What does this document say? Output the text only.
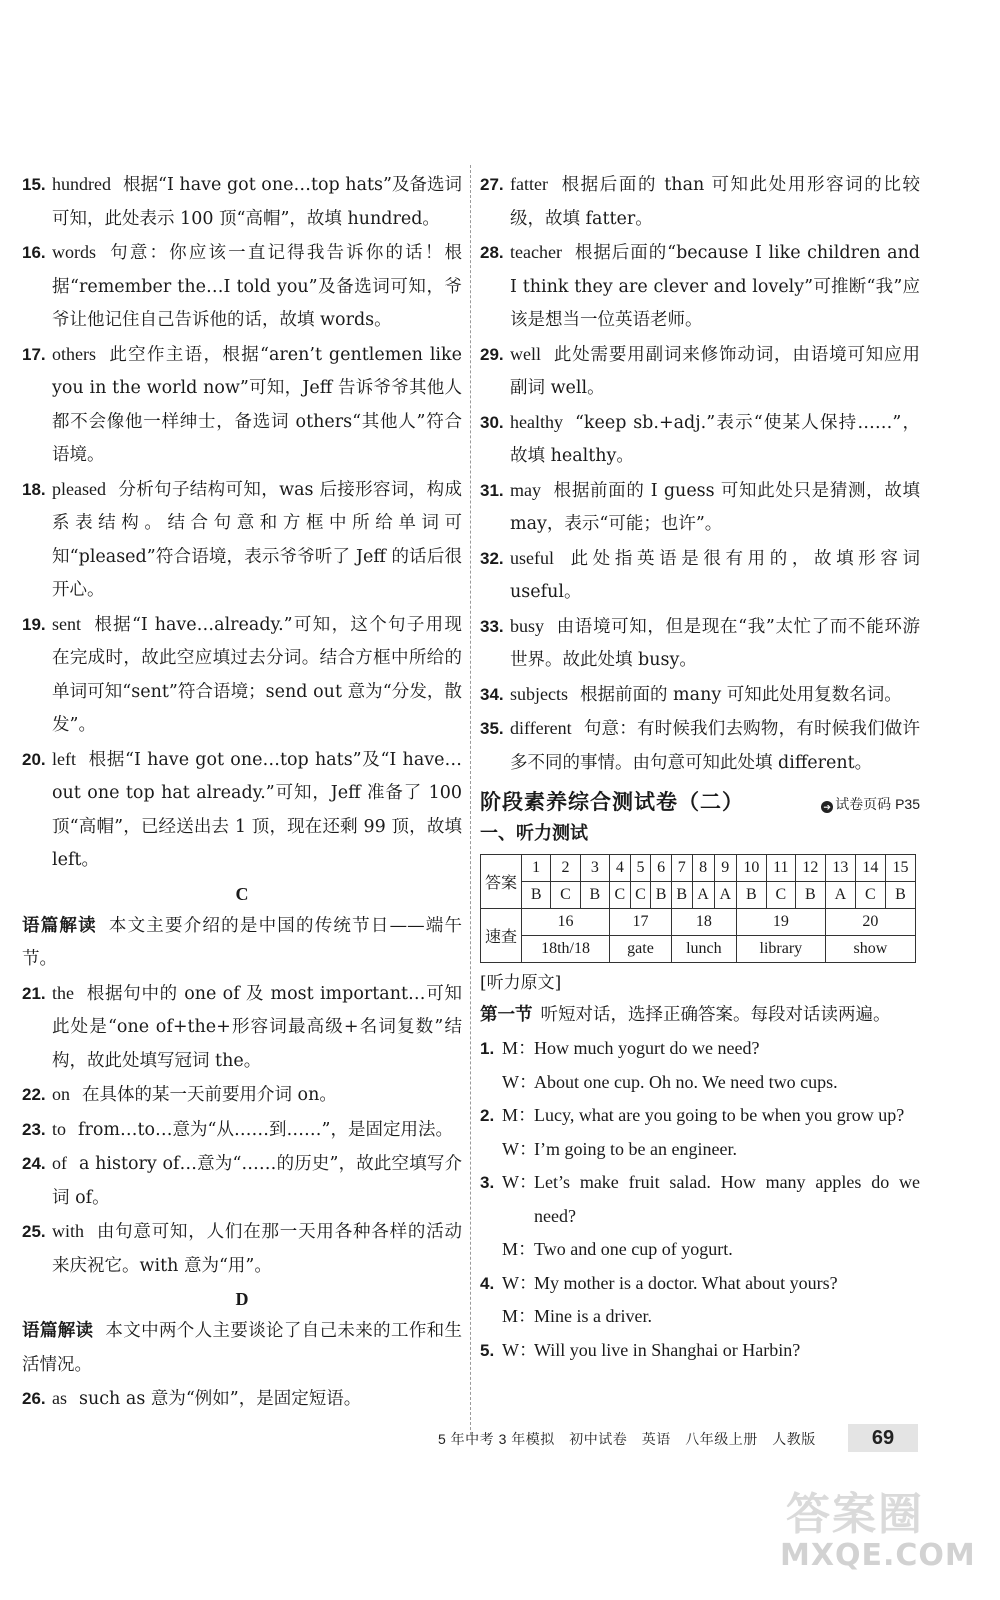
15. hundred 根据“I have got one…top hats”及备选词可知，此处表示 100 顶“高帽”，故填 hundred。

16. words 句意：你应该一直记得我告诉你的话！根据“remember the…I told you”及备选词可知，爷爷让他记住自己告诉他的话，故填 words。

17. others 此空作主语，根据“aren’t gentlemen like you in the world now”可知，Jeff 告诉爷爷其他人都不会像他一样绅士，备选词 others“其他人”符合语境。

18. pleased 分析句子结构可知，was 后接形容词，构成系表结构。结合句意和方框中所给单词可知“pleased”符合语境，表示爷爷听了 Jeff 的话后很开心。

19. sent 根据“I have…already.”可知，这个句子用现在完成时，故此空应填过去分词。结合方框中所给的单词可知“sent”符合语境；send out 意为“分发，散发”。

20. left 根据“I have got one…top hats”及“I have…out one top hat already.”可知，Jeff 准备了 100 顶“高帽”，已经送出去 1 顶，现在还剩 99 顶，故填 left。

C

语篇解读 本文主要介绍的是中国的传统节日——端午节。

21. the 根据句中的 one of 及 most important…可知此处是“one of+the+形容词最高级+名词复数”结构，故此处填写冠词 the。

22. on 在具体的某一天前要用介词 on。

23. to from…to…意为“从……到……”，是固定用法。

24. of a history of…意为“……的历史”，故此空填写介词 of。

25. with 由句意可知，人们在那一天用各种各样的活动来庆祝它。with 意为“用”。

D

语篇解读 本文中两个人主要谈论了自己未来的工作和生活情况。

26. as such as 意为“例如”，是固定短语。

27. fatter 根据后面的 than 可知此处用形容词的比较级，故填 fatter。

28. teacher 根据后面的“because I like children and I think they are clever and lovely”可推断“我”应该是想当一位英语老师。

29. well 此处需要用副词来修饰动词，由语境可知应用副词 well。

30. healthy “keep sb.+adj.”表示“使某人保持……”，故填 healthy。

31. may 根据前面的 I guess 可知此处只是猜测，故填 may，表示“可能；也许”。

32. useful 此处指英语是很有用的，故填形容词 useful。

33. busy 由语境可知，但是现在“我”太忙了而不能环游世界。故此处填 busy。

34. subjects 根据前面的 many 可知此处用复数名词。

35. different 句意：有时候我们去购物，有时候我们做许多不同的事情。由句意可知此处填 different。

阶段素养综合测试卷（二）	➔ 试卷页码 P35
一、听力测试
答案	1	2	3	4	5	6	7	8	9	10	11	12	13	14	15
	B	C	B	C	C	B	B	A	A	B	C	B	A	C	B
速查	16			17			18			19			20		
	18th/18			gate			lunch			library			show		
[听力原文]
第一节 听短对话，选择正确答案。每段对话读两遍。

1. M：
How much yogurt do we need?

W：
About one cup. Oh no. We need two cups.

2. M：
Lucy, what are you going to be when you grow up?

W：
I’m going to be an engineer.

3. W：
Let’s make fruit salad. How many apples do we need?

M：
Two and one cup of yogurt.

4. W：
My mother is a doctor. What about yours?

M：
Mine is a driver.

5. W：
Will you live in Shanghai or Harbin?

5 年中考 3 年模拟　初中试卷　英语　八年级上册　人教版	69
答案圈
MXQE.COM
